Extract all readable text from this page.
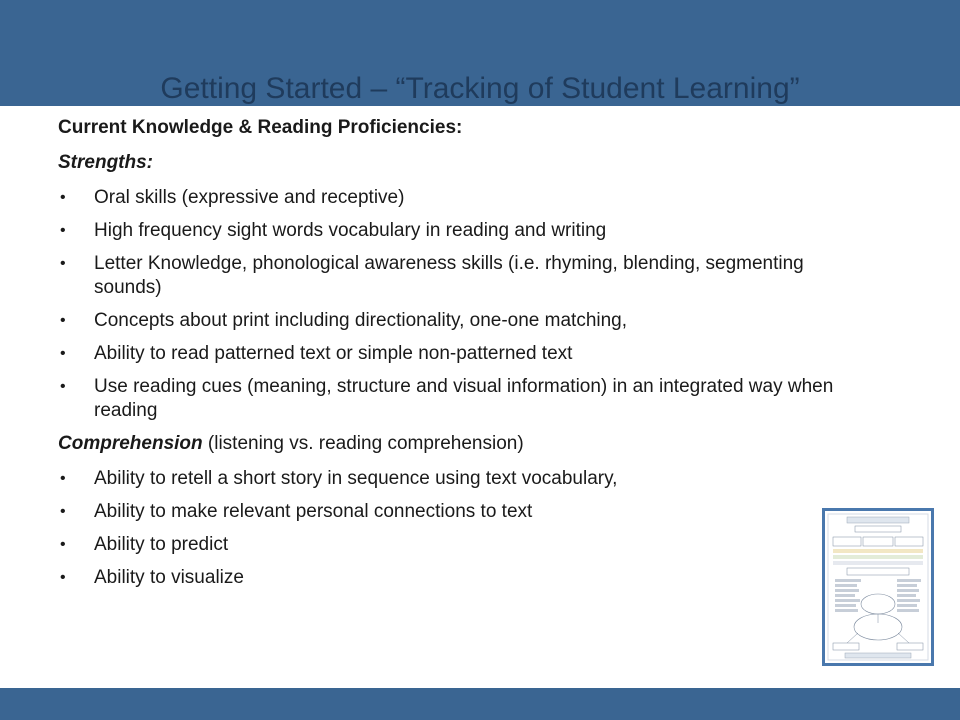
Getting Started – “Tracking of Student Learning”
Current Knowledge & Reading Proficiencies:
Strengths:
• Oral skills (expressive and receptive)
• High frequency sight words vocabulary in reading and writing
• Letter Knowledge, phonological awareness skills (i.e. rhyming, blending, segmenting sounds)
• Concepts about print including directionality, one-one matching,
• Ability to read patterned text or simple non-patterned text
• Use reading cues (meaning, structure and visual information) in an integrated way when reading
Comprehension (listening vs. reading comprehension)
• Ability to retell a short story in sequence using text vocabulary,
• Ability to make relevant personal connections to text
• Ability to predict
• Ability to visualize
